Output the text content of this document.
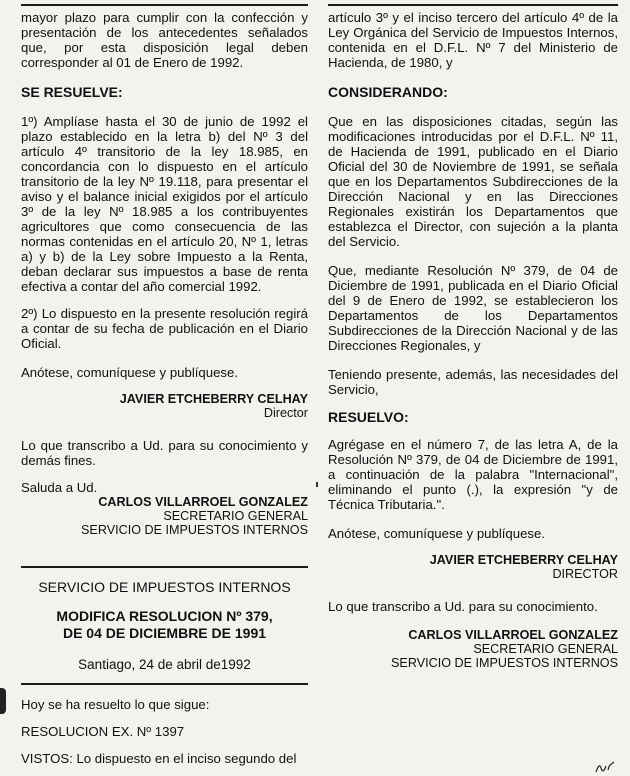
mayor plazo para cumplir con la confección y presentación de los antecedentes señalados que, por esta disposición legal deben corresponder al 01 de Enero de 1992.

SE RESUELVE:

1º) Amplíase hasta el 30 de junio de 1992 el plazo establecido en la letra b) del Nº 3 del artículo 4º transitorio de la ley 18.985, en concordancia con lo dispuesto en el artículo transitorio de la ley Nº 19.118, para presentar el aviso y el balance inicial exigidos por el artículo 3º de la ley Nº 18.985 a los contribuyentes agricultores que como consecuencia de las normas contenidas en el artículo 20, Nº 1, letras a) y b) de la Ley sobre Impuesto a la Renta, deban declarar sus impuestos a base de renta efectiva a contar del año comercial 1992.

2º) Lo dispuesto en la presente resolución regirá a contar de su fecha de publicación en el Diario Oficial.

Anótese, comuníquese y publíquese.

JAVIER ETCHEBERRY CELHAY
Director

Lo que transcribo a Ud. para su conocimiento y demás fines.

Saluda a Ud.

CARLOS VILLARROEL GONZALEZ
SECRETARIO GENERAL
SERVICIO DE IMPUESTOS INTERNOS
SERVICIO DE IMPUESTOS INTERNOS
MODIFICA RESOLUCION Nº 379,
DE 04 DE DICIEMBRE DE 1991
Santiago, 24 de abril de1992

Hoy se ha resuelto lo que sigue:

RESOLUCION EX. Nº 1397

VISTOS: Lo dispuesto en el inciso segundo del

artículo 3º y el inciso tercero del artículo 4º de la Ley Orgánica del Servicio de Impuestos Internos, contenida en el D.F.L. Nº 7 del Ministerio de Hacienda, de 1980, y

CONSIDERANDO:

Que en las disposiciones citadas, según las modificaciones introducidas por el D.F.L. Nº 11, de Hacienda de 1991, publicado en el Diario Oficial del 30 de Noviembre de 1991, se señala que en los Departamentos Subdirecciones de la Dirección Nacional y en las Direcciones Regionales existirán los Departamentos que establezca el Director, con sujeción a la planta del Servicio.

Que, mediante Resolución Nº 379, de 04 de Diciembre de 1991, publicada en el Diario Oficial del 9 de Enero de 1992, se establecieron los Departamentos de los Departamentos Subdirecciones de la Dirección Nacional y de las Direcciones Regionales, y

Teniendo presente, además, las necesidades del Servicio,

RESUELVO:

Agrégase en el número 7, de las letra A, de la Resolución Nº 379, de 04 de Diciembre de 1991, a continuación de la palabra "Internacional", eliminando el punto (.), la expresión "y de Técnica Tributaria.".

Anótese, comuníquese y publíquese.

JAVIER ETCHEBERRY CELHAY
DIRECTOR

Lo que transcribo a Ud. para su conocimiento.

CARLOS VILLARROEL GONZALEZ
SECRETARIO GENERAL
SERVICIO DE IMPUESTOS INTERNOS
